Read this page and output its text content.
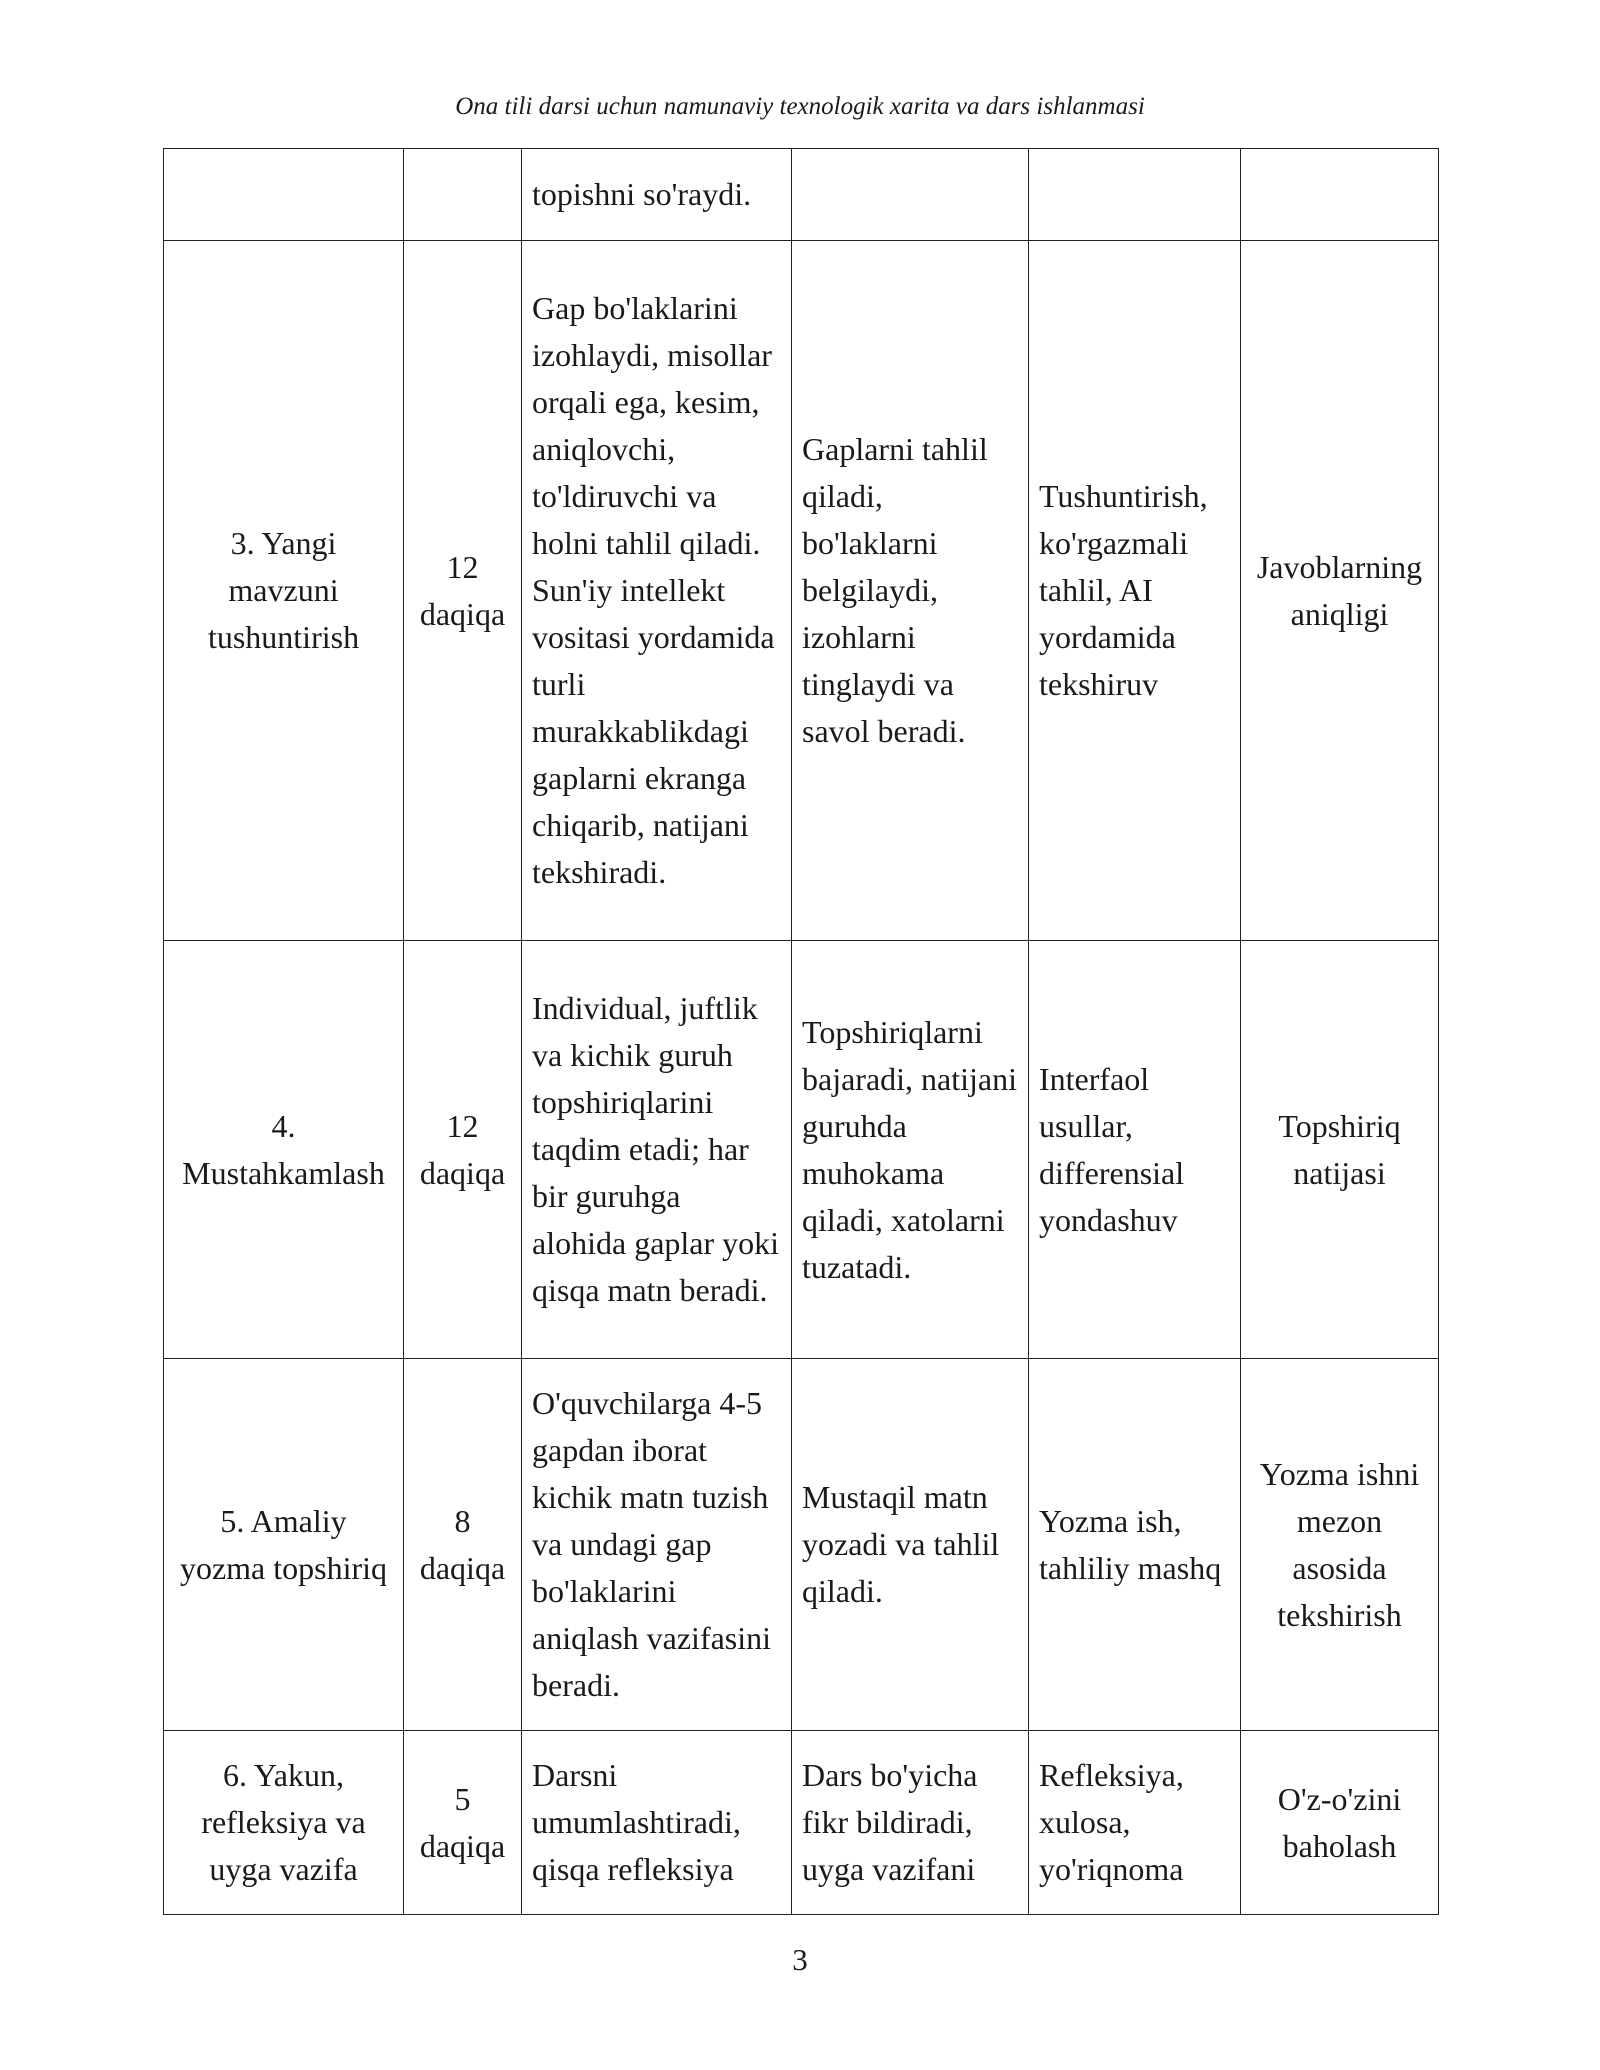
Ona tili darsi uchun namunaviy texnologik xarita va dars ishlanmasi
		topishni so'raydi.			
3. Yangi mavzuni tushuntirish	12 daqiqa	Gap bo'laklarini izohlaydi, misollar orqali ega, kesim, aniqlovchi, to'ldiruvchi va holni tahlil qiladi. Sun'iy intellekt vositasi yordamida turli murakkablikdagi gaplarni ekranga chiqarib, natijani tekshiradi.	Gaplarni tahlil qiladi, bo'laklarni belgilaydi, izohlarni tinglaydi va savol beradi.	Tushuntirish, ko'rgazmali tahlil, AI yordamida tekshiruv	Javoblarning aniqligi
4. Mustahkamlash	12 daqiqa	Individual, juftlik va kichik guruh topshiriqlarini taqdim etadi; har bir guruhga alohida gaplar yoki qisqa matn beradi.	Topshiriqlarni bajaradi, natijani guruhda muhokama qiladi, xatolarni tuzatadi.	Interfaol usullar, differensial yondashuv	Topshiriq natijasi
5. Amaliy yozma topshiriq	8 daqiqa	O'quvchilarga 4-5 gapdan iborat kichik matn tuzish va undagi gap bo'laklarini aniqlash vazifasini beradi.	Mustaqil matn yozadi va tahlil qiladi.	Yozma ish, tahliliy mashq	Yozma ishni mezon asosida tekshirish
6. Yakun, refleksiya va uyga vazifa	5 daqiqa	Darsni umumlashtiradi, qisqa refleksiya	Dars bo'yicha fikr bildiradi, uyga vazifani	Refleksiya, xulosa, yo'riqnoma	O'z-o'zini baholash
3
